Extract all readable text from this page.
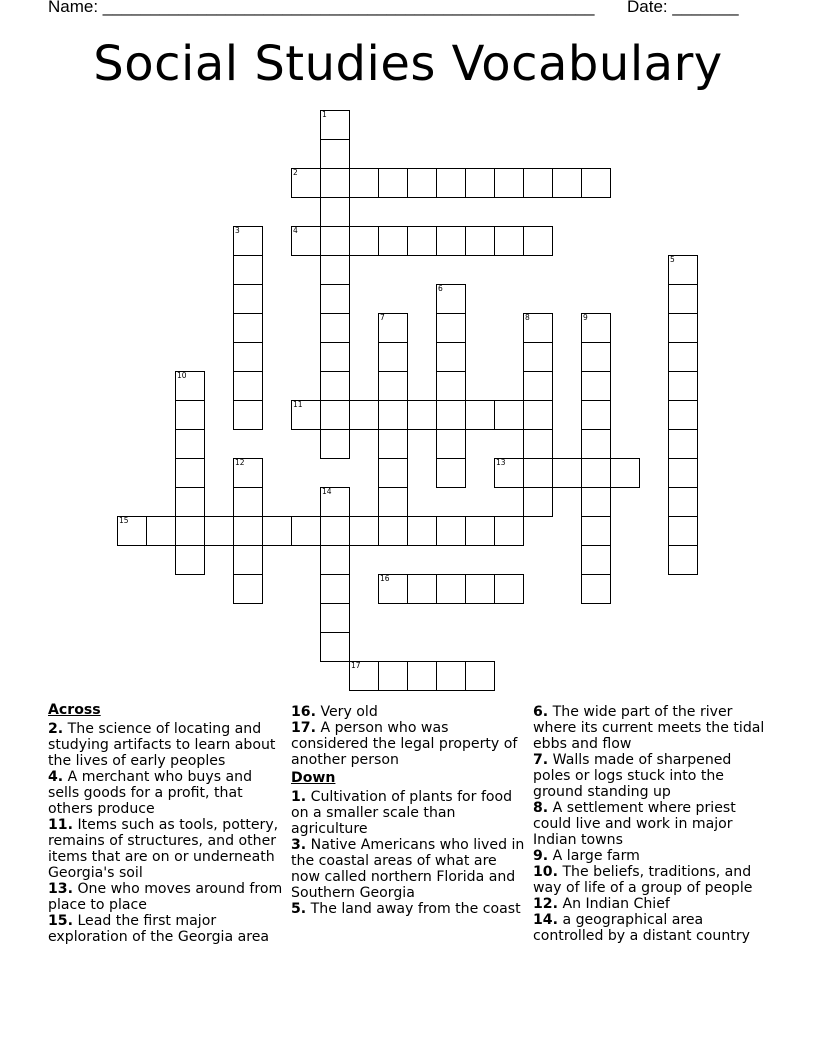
Name: ____________________________________________________ Date: _______
Social Studies Vocabulary
1
2
3	4
5
6
7	8	9
10
11
12	13
14
15
16
17
Across
2. The science of locating and studying artifacts to learn about the lives of early peoples
4. A merchant who buys and sells goods for a profit, that others produce
11. Items such as tools, pottery, remains of structures, and other items that are on or underneath Georgia's soil
13. One who moves around from place to place
15. Lead the first major exploration of the Georgia area
16. Very old
17. A person who was considered the legal property of another person
Down
1. Cultivation of plants for food on a smaller scale than agriculture
3. Native Americans who lived in the coastal areas of what are now called northern Florida and Southern Georgia
5. The land away from the coast
6. The wide part of the river where its current meets the tidal ebbs and flow
7. Walls made of sharpened poles or logs stuck into the ground standing up
8. A settlement where priest could live and work in major Indian towns
9. A large farm
10. The beliefs, traditions, and way of life of a group of people
12. An Indian Chief
14. a geographical area controlled by a distant country
